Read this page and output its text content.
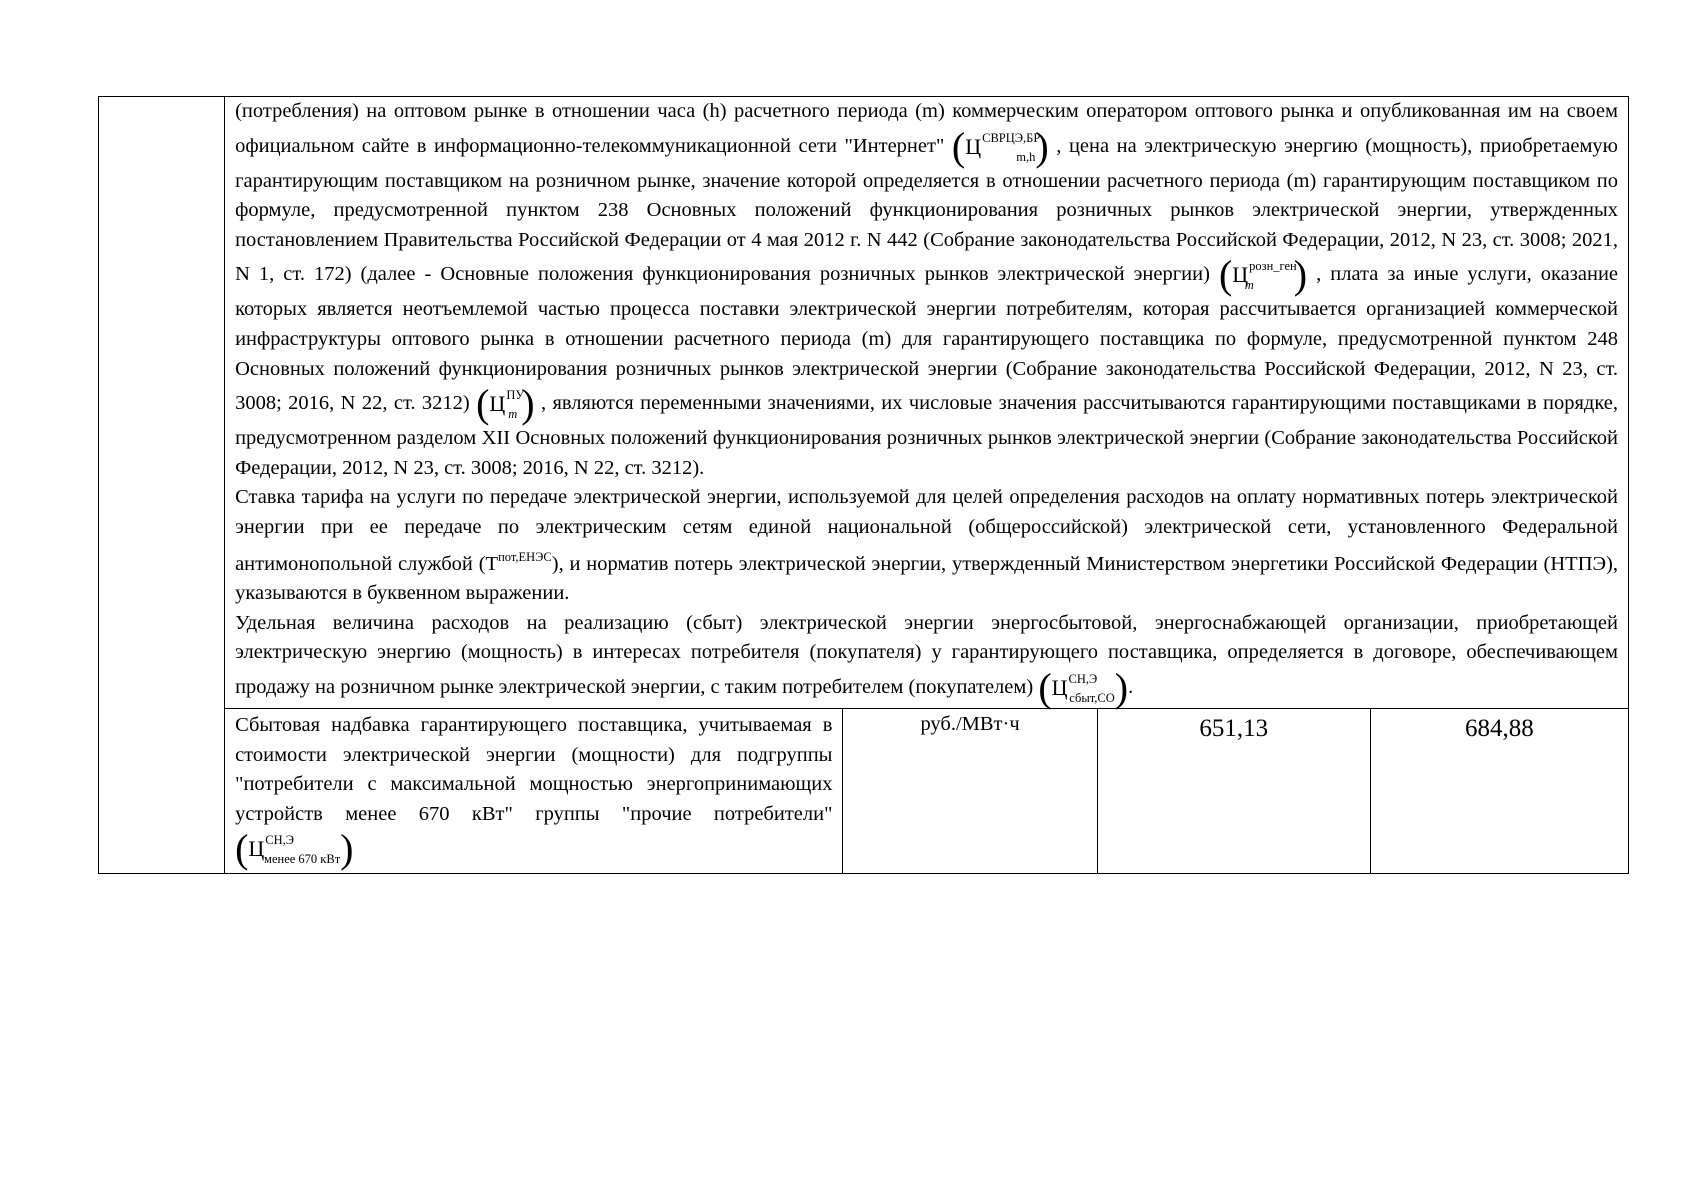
	(потребления) на оптовом рынке в отношении часа (h) расчетного периода (m) коммерческим оператором оптового рынка и опубликованная им на своем официальном сайте в информационно-телекоммуникационной сети "Интернет" $(Ц^{СВРЦЭ,БР}_{m,h})$ , цена на электрическую энергию (мощность), приобретаемую гарантирующим поставщиком на розничном рынке, значение которой определяется в отношении расчетного периода (m) гарантирующим поставщиком по формуле, предусмотренной пунктом 238 Основных положений функционирования розничных рынков электрической энергии, утвержденных постановлением Правительства Российской Федерации от 4 мая 2012 г. N 442 (Собрание законодательства Российской Федерации, 2012, N 23, ст. 3008; 2021, N 1, ст. 172) (далее - Основные положения функционирования розничных рынков электрической энергии) ($Ц^{розн\_ген}_m$ ) , плата за иные услуги, оказание которых является неотъемлемой частью процесса поставки электрической энергии потребителям, которая рассчитывается организацией коммерческой инфраструктуры оптового рынка в отношении расчетного периода (m) для гарантирующего поставщика по формуле, предусмотренной пунктом 248 Основных положений функционирования розничных рынков электрической энергии (Собрание законодательства Российской Федерации, 2012, N 23, ст. 3008; 2016, N 22, ст. 3212) ($Ц^{ПУ}_m$ ) , являются переменными значениями, их числовые значения рассчитываются гарантирующими поставщиками в порядке, предусмотренном разделом XII Основных положений функционирования розничных рынков электрической энергии (Собрание законодательства Российской Федерации, 2012, N 23, ст. 3008; 2016, N 22, ст. 3212).

Ставка тарифа на услуги по передаче электрической энергии, используемой для целей определения расходов на оплату нормативных потерь электрической энергии при ее передаче по электрическим сетям единой национальной (общероссийской) электрической сети, установленного Федеральной антимонопольной службой $(Т^{пот,ЕНЭС})$, и норматив потерь электрической энергии, утвержденный Министерством энергетики Российской Федерации (НТПЭ), указываются в буквенном выражении.

Удельная величина расходов на реализацию (сбыт) электрической энергии энергосбытовой, энергоснабжающей организации, приобретающей электрическую энергию (мощность) в интересах потребителя (покупателя) у гарантирующего поставщика, определяется в договоре, обеспечивающем продажу на розничном рынке электрической энергии, с таким потребителем (покупателем) $(Ц^{СН,Э}_{сбыт,СО})$.			

	Сбытовая надбавка гарантирующего поставщика, учитываемая в стоимости электрической энергии (мощности) для подгруппы "потребители с максимальной мощностью энергопринимающих устройств менее 670 кВт" группы "прочие потребители" $(Ц^{СН,Э}_{менее 670 кВт})$	руб./МВт·ч	651,13	684,88
